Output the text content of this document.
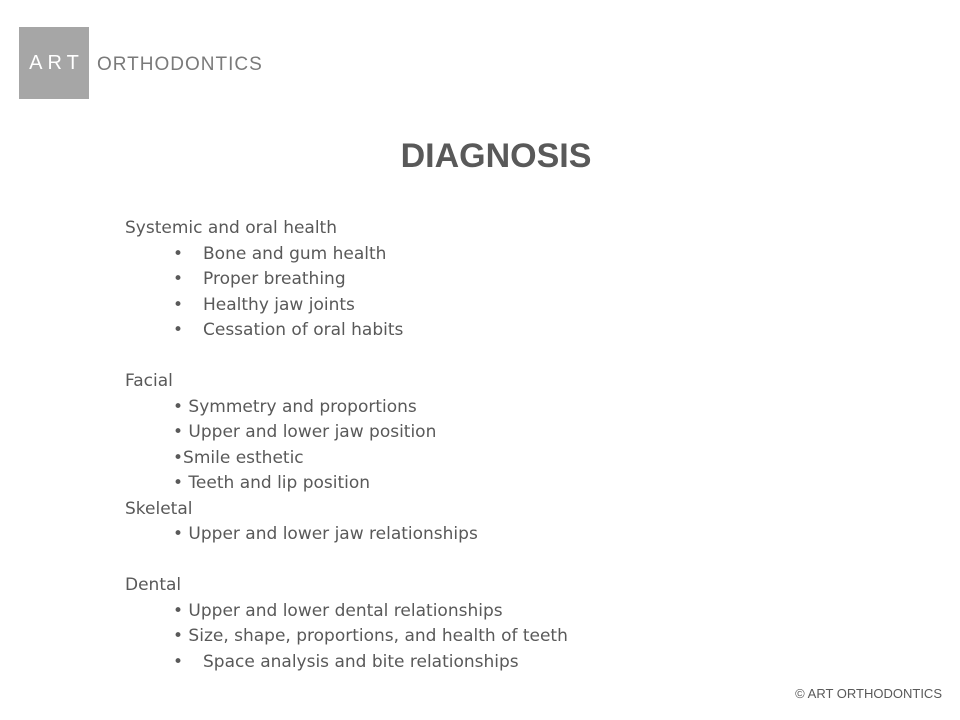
ART ORTHODONTICS
DIAGNOSIS
Systemic and oral health
• Bone and gum health
• Proper breathing
• Healthy jaw joints
• Cessation of oral habits
Facial
• Symmetry and proportions
• Upper and lower jaw position
•Smile esthetic
• Teeth and lip position
Skeletal
• Upper and lower jaw relationships
Dental
• Upper and lower dental relationships
• Size, shape, proportions, and health of teeth
• Space analysis and bite relationships
© ART ORTHODONTICS
